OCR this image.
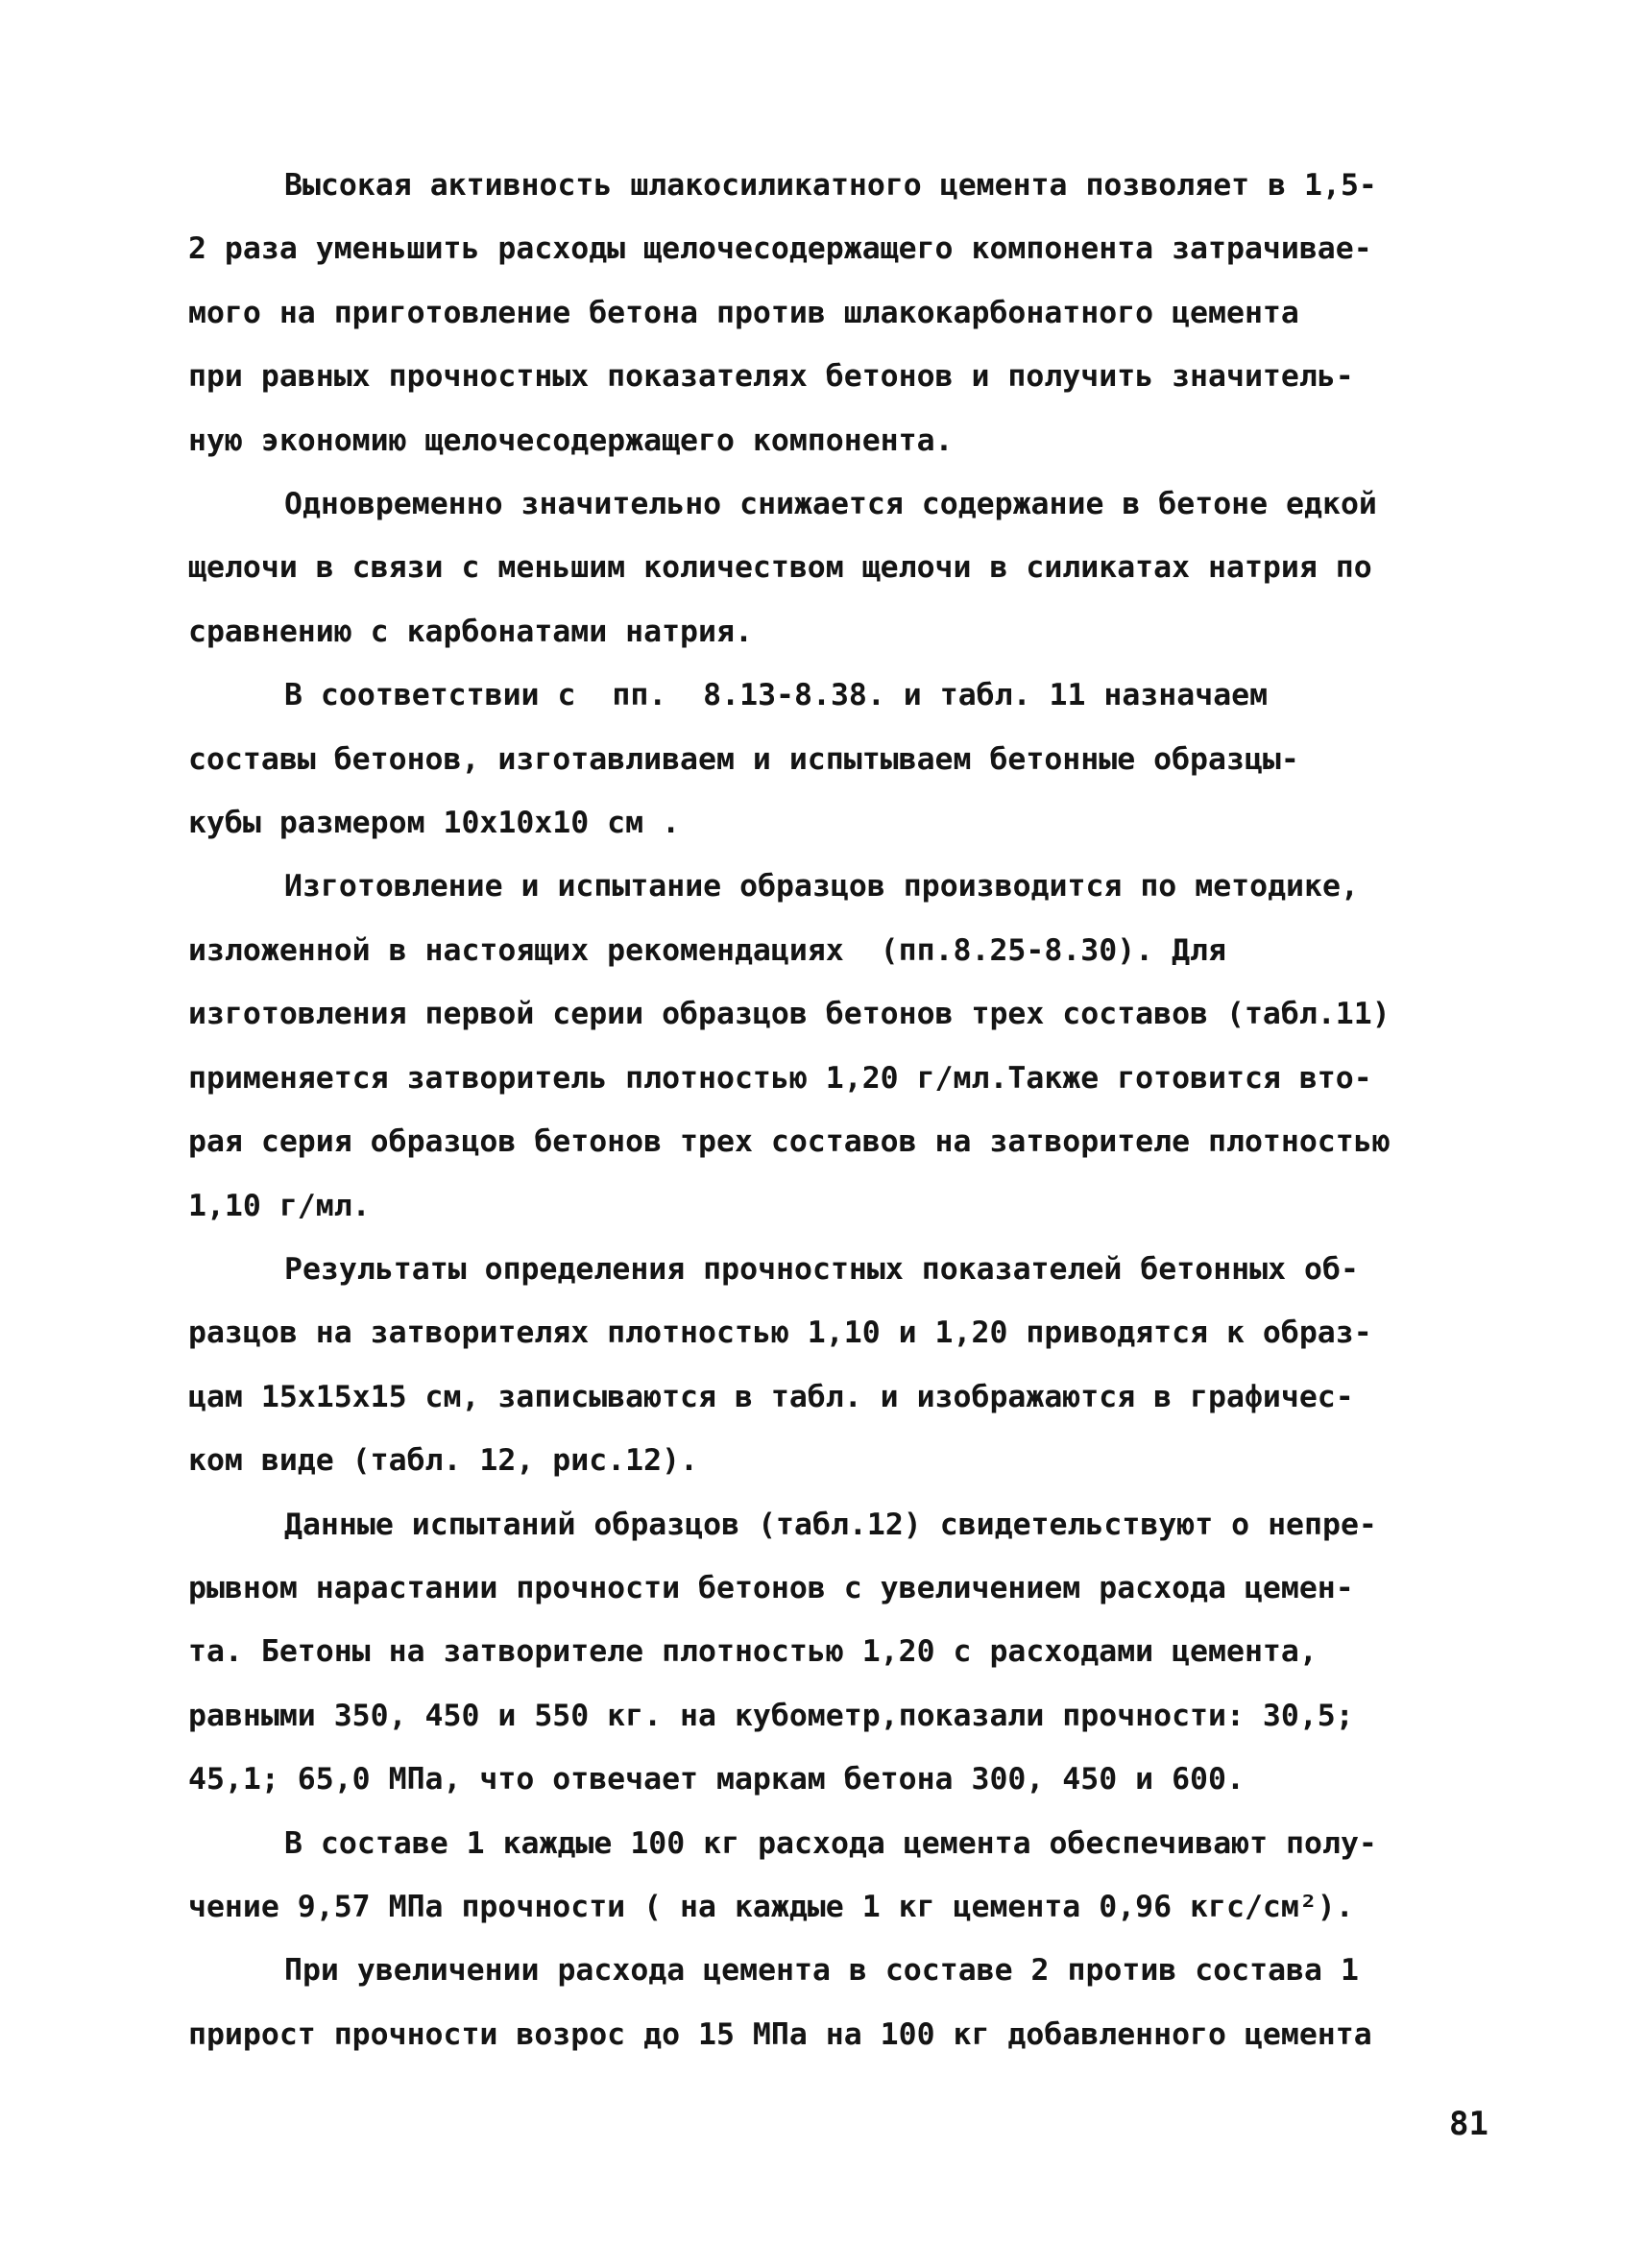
Высокая активность шлакосиликатного цемента позволяет в 1,5-
2 раза уменьшить расходы щелочесодержащего компонента затрачивае-
мого на приготовление бетона против шлакокарбонатного цемента
при равных прочностных показателях бетонов и получить значитель-
ную экономию щелочесодержащего компонента.
Одновременно значительно снижается содержание в бетоне едкой
щелочи в связи с меньшим количеством щелочи в силикатах натрия по
сравнению с карбонатами натрия.
В соответствии с  пп.  8.13-8.38. и табл. 11 назначаем
составы бетонов, изготавливаем и испытываем бетонные образцы-
кубы размером 10х10х10 см .
Изготовление и испытание образцов производится по методике,
изложенной в настоящих рекомендациях  (пп.8.25-8.30). Для
изготовления первой серии образцов бетонов трех составов (табл.11)
применяется затворитель плотностью 1,20 г/мл.Также готовится вто-
рая серия образцов бетонов трех составов на затворителе плотностью
1,10 г/мл.
Результаты определения прочностных показателей бетонных об-
разцов на затворителях плотностью 1,10 и 1,20 приводятся к образ-
цам 15х15х15 см, записываются в табл. и изображаются в графичес-
ком виде (табл. 12, рис.12).
Данные испытаний образцов (табл.12) свидетельствуют о непре-
рывном нарастании прочности бетонов с увеличением расхода цемен-
та. Бетоны на затворителе плотностью 1,20 с расходами цемента,
равными 350, 450 и 550 кг. на кубометр,показали прочности: 30,5;
45,1; 65,0 МПа, что отвечает маркам бетона 300, 450 и 600.
В составе 1 каждые 100 кг расхода цемента обеспечивают полу-
чение 9,57 МПа прочности ( на каждые 1 кг цемента 0,96 кгс/см²).
При увеличении расхода цемента в составе 2 против состава 1
прирост прочности возрос до 15 МПа на 100 кг добавленного цемента
81
